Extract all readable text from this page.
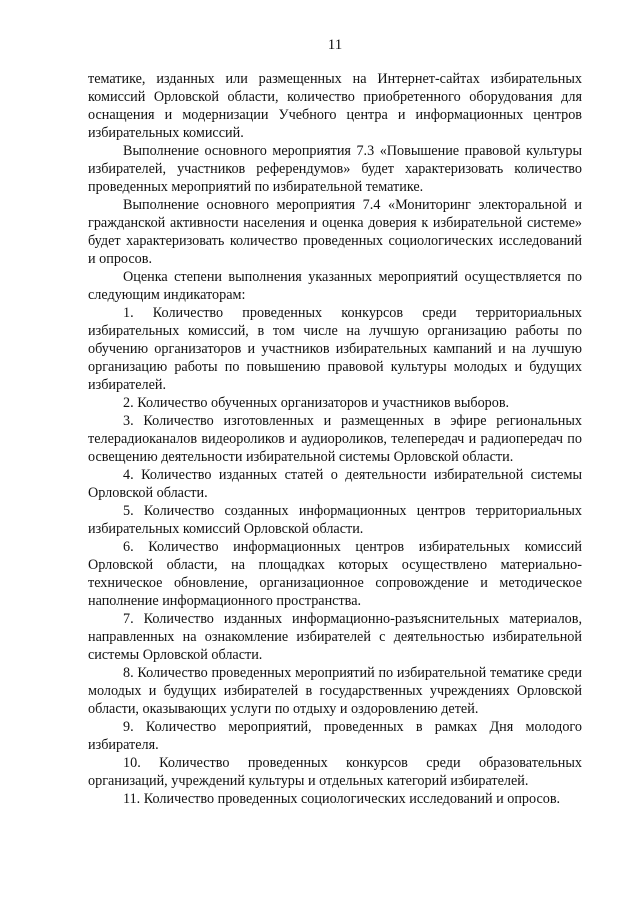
11

тематике, изданных или размещенных на Интернет-сайтах избирательных комиссий Орловской области, количество приобретенного оборудования для оснащения и модернизации Учебного центра и информационных центров избирательных комиссий.

Выполнение основного мероприятия 7.3 «Повышение правовой культуры избирателей, участников референдумов» будет характеризовать количество проведенных мероприятий по избирательной тематике.

Выполнение основного мероприятия 7.4 «Мониторинг электоральной и гражданской активности населения и оценка доверия к избирательной системе» будет характеризовать количество проведенных социологических исследований и опросов.

Оценка степени выполнения указанных мероприятий осуществляется по следующим индикаторам:

1. Количество проведенных конкурсов среди территориальных избирательных комиссий, в том числе на лучшую организацию работы по обучению организаторов и участников избирательных кампаний и на лучшую организацию работы по повышению правовой культуры молодых и будущих избирателей.

2. Количество обученных организаторов и участников выборов.

3. Количество изготовленных и размещенных в эфире региональных телерадиоканалов видеороликов и аудиороликов, телепередач и радиопередач по освещению деятельности избирательной системы Орловской области.

4. Количество изданных статей о деятельности избирательной системы Орловской области.

5. Количество созданных информационных центров территориальных избирательных комиссий Орловской области.

6. Количество информационных центров избирательных комиссий Орловской области, на площадках которых осуществлено материально-техническое обновление, организационное сопровождение и методическое наполнение информационного пространства.

7. Количество изданных информационно-разъяснительных материалов, направленных на ознакомление избирателей с деятельностью избирательной системы Орловской области.

8. Количество проведенных мероприятий по избирательной тематике среди молодых и будущих избирателей в государственных учреждениях Орловской области, оказывающих услуги по отдыху и оздоровлению детей.

9. Количество мероприятий, проведенных в рамках Дня молодого избирателя.

10. Количество проведенных конкурсов среди образовательных организаций, учреждений культуры и отдельных категорий избирателей.

11. Количество проведенных социологических исследований и опросов.
